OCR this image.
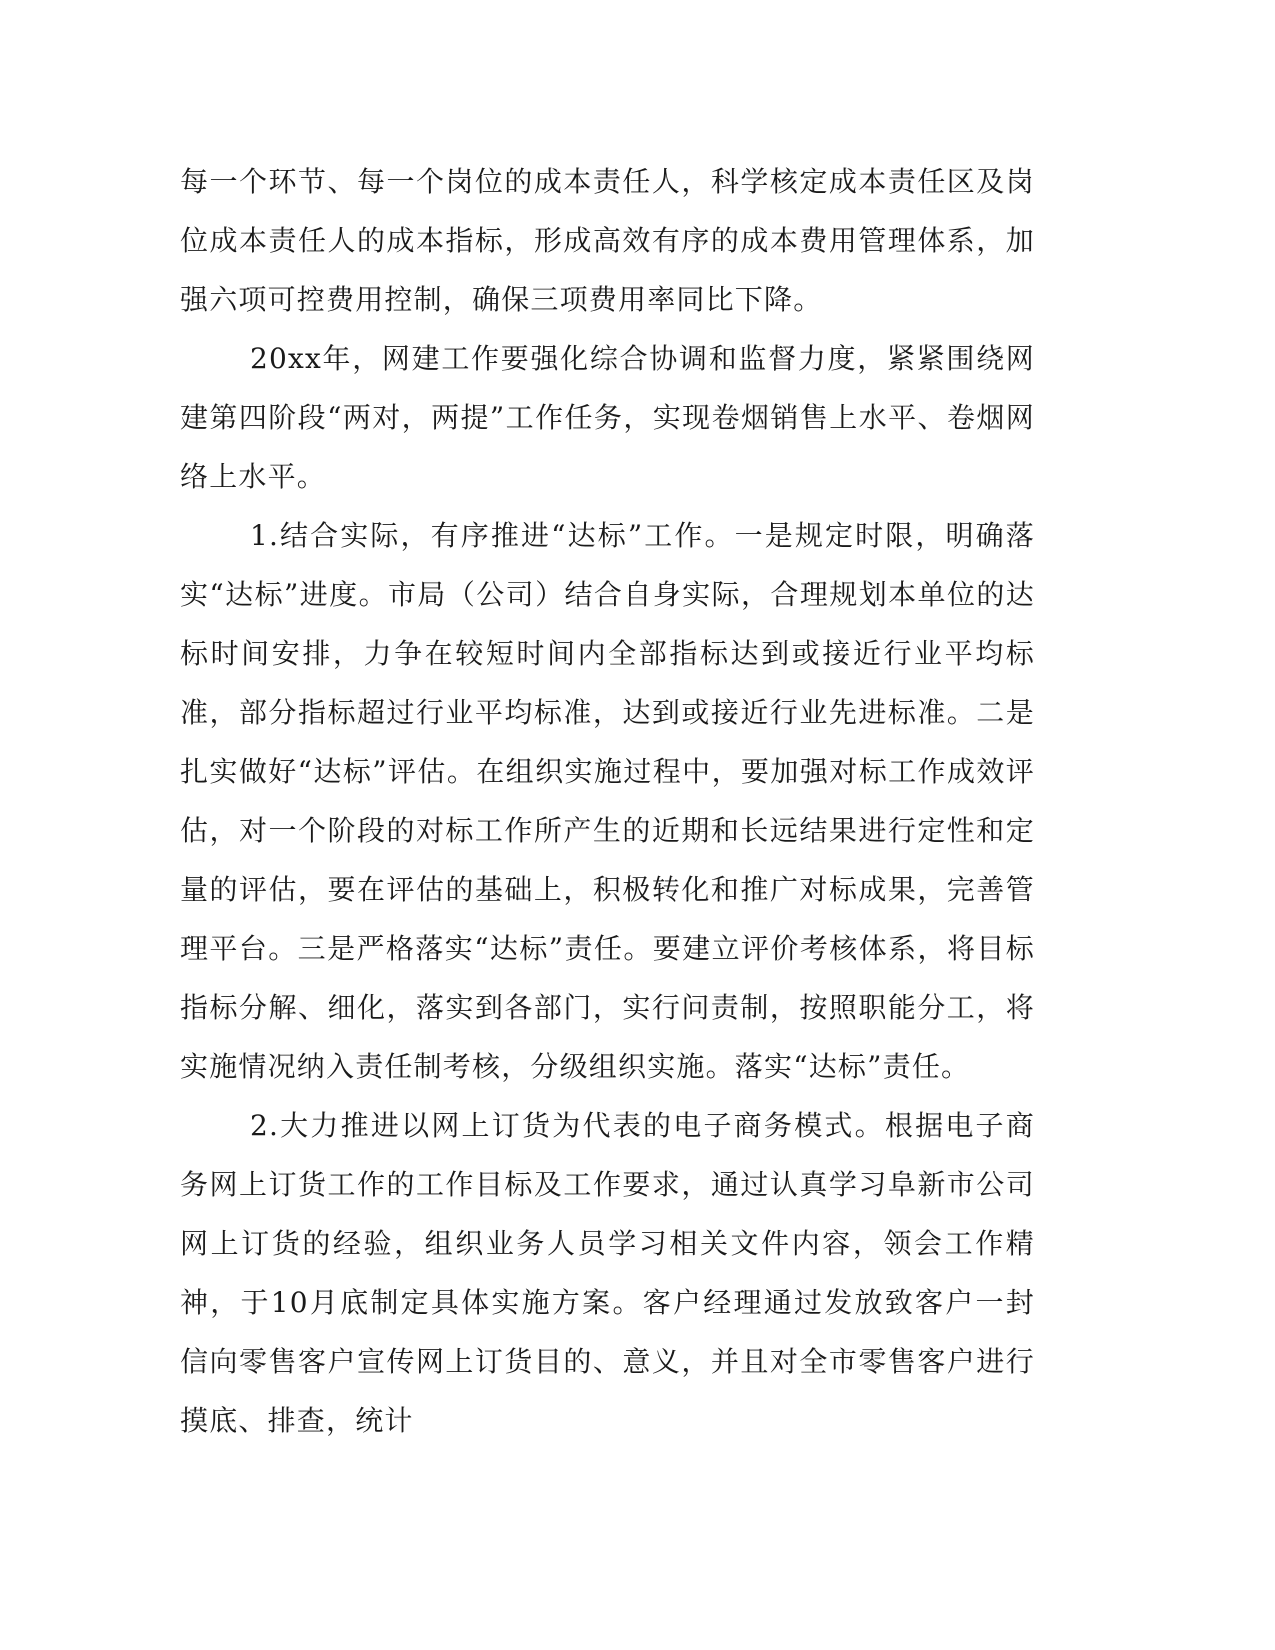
每一个环节、每一个岗位的成本责任人，科学核定成本责任区及岗位成本责任人的成本指标，形成高效有序的成本费用管理体系，加强六项可控费用控制，确保三项费用率同比下降。

20xx年，网建工作要强化综合协调和监督力度，紧紧围绕网建第四阶段“两对，两提”工作任务，实现卷烟销售上水平、卷烟网络上水平。

1.结合实际，有序推进“达标”工作。一是规定时限，明确落实“达标”进度。市局（公司）结合自身实际，合理规划本单位的达标时间安排，力争在较短时间内全部指标达到或接近行业平均标准，部分指标超过行业平均标准，达到或接近行业先进标准。二是扎实做好“达标”评估。在组织实施过程中，要加强对标工作成效评估，对一个阶段的对标工作所产生的近期和长远结果进行定性和定量的评估，要在评估的基础上，积极转化和推广对标成果，完善管理平台。三是严格落实“达标”责任。要建立评价考核体系，将目标指标分解、细化，落实到各部门，实行问责制，按照职能分工，将实施情况纳入责任制考核，分级组织实施。落实“达标”责任。

2.大力推进以网上订货为代表的电子商务模式。根据电子商务网上订货工作的工作目标及工作要求，通过认真学习阜新市公司网上订货的经验，组织业务人员学习相关文件内容，领会工作精神，于10月底制定具体实施方案。客户经理通过发放致客户一封信向零售客户宣传网上订货目的、意义，并且对全市零售客户进行摸底、排查，统计
